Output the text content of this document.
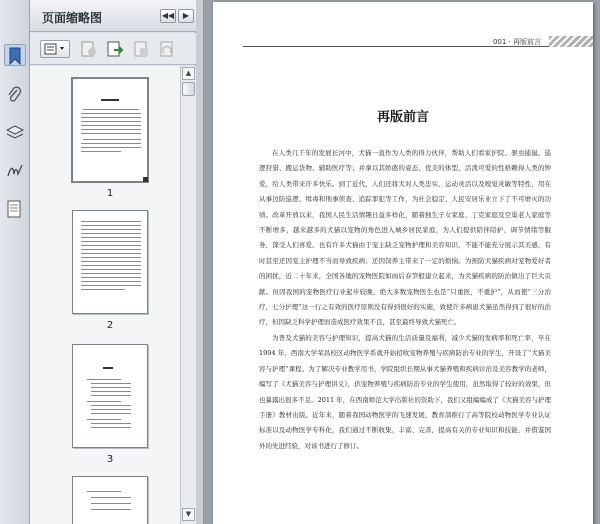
页面缩略图	◀◀	▶
1
2
3
▲
▼
001 · 再版前言
再版前言

在人类几千年的发展长河中，犬猫一直作为人类的得力伙伴，帮助人们看家护院、驱虫捕鼠、巡逻狩猎、搬运货物、辅助医疗等；并拿以其娇憨的姿态、优美的体型、活泼可爱的性格赖得人类的钟爱，给人类带来许多快乐。到了近代，人们还将犬对人类忠实、运动灵活以及嗅觉灵敏等特性，用在从事边防巡逻、缉毒和刑事侦查、追踪罪犯等工作，为社会稳定、人民安居乐业立下了不可磨灭的功绩。改革开放以来，我国人民生活情趣日益多样化，随着独生子女家庭、丁克家庭及空巢老人家庭等不断增多，越来越多的犬猫以宠物的角色进入城乡居民家庭，为人们提供陪伴陪护、调节情绪等服务，深受人们喜爱。也有许多犬猫由于宠主缺乏宠物护理和美容知识，不能不能充分展示其美感，有时甚至还因宠主护理不当而导致疾病；还因饲养主带来了一定的烦恼。为预防犬猫疾病对宠物爱好者的困扰，近二十年来，全国各地的宠物医院如雨后春笋般建立起来，为犬猫疾病的防治做出了巨大贡献。但因我国的宠物医疗行业起步较晚，绝大多数宠物医生也是“只重医，不重护”，从而使“三分治疗，七分护理”这一行之有效的医疗原则没有得到很好的实施，致使许多病患犬猫虽然得到了很好的治疗，但因缺乏科学护理而造成医疗效果不良，甚至最终导致犬猫死亡。

为普及犬猫的美容与护理知识，提高犬猫的生活质量及福利，减少犬猫的发病率和死亡率，早在 1994 年，西南大学荣昌校区动物医学系就开始招收宠物养殖与疾病防治专业的学生，开设了“犬猫美容与护理”课程。为了解决专业教学用书，学院组织长期从事犬猫养殖和疾病诊治及美容教学的老师，编写了《犬猫美容与护理讲义》，供宠物养殖与疾病防治专业的学生使用，虽然取得了较好的效果，但也暴露出很多不足。2011 年，在西南师范大学出版社的资助下，我们又组编编成了《犬猫美容与护理手册》教材出版。近年来，随着我国动物医学的飞速发展，教育部推行了高等院校动物医学专业认证标准以及动物医学专科化，我们通过不断收集、丰富、完善，提高有关的专业知识和技能，并借鉴国外的先进经验，对该书进行了修订。
